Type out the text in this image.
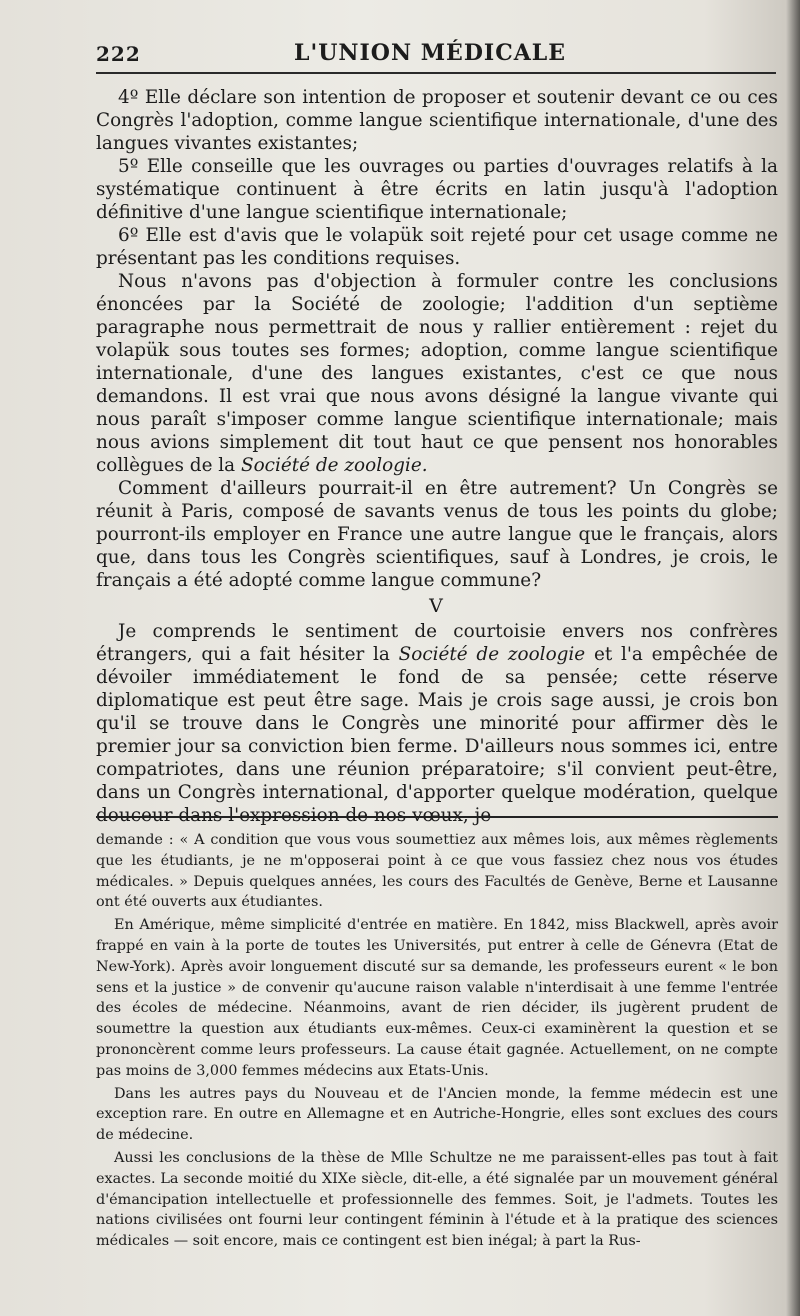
222	L'UNION MÉDICALE

4º Elle déclare son intention de proposer et soutenir devant ce ou ces Congrès l'adoption, comme langue scientifique internationale, d'une des langues vivantes existantes;

5º Elle conseille que les ouvrages ou parties d'ouvrages relatifs à la systématique continuent à être écrits en latin jusqu'à l'adoption définitive d'une langue scientifique internationale;

6º Elle est d'avis que le volapük soit rejeté pour cet usage comme ne présentant pas les conditions requises.

Nous n'avons pas d'objection à formuler contre les conclusions énoncées par la Société de zoologie; l'addition d'un septième paragraphe nous permettrait de nous y rallier entièrement : rejet du volapük sous toutes ses formes; adoption, comme langue scientifique internationale, d'une des langues existantes, c'est ce que nous demandons. Il est vrai que nous avons désigné la langue vivante qui nous paraît s'imposer comme langue scientifique internationale; mais nous avions simplement dit tout haut ce que pensent nos honorables collègues de la Société de zoologie.

Comment d'ailleurs pourrait-il en être autrement? Un Congrès se réunit à Paris, composé de savants venus de tous les points du globe; pourront-ils employer en France une autre langue que le français, alors que, dans tous les Congrès scientifiques, sauf à Londres, je crois, le français a été adopté comme langue commune?

V

Je comprends le sentiment de courtoisie envers nos confrères étrangers, qui a fait hésiter la Société de zoologie et l'a empêchée de dévoiler immédiatement le fond de sa pensée; cette réserve diplomatique est peut être sage. Mais je crois sage aussi, je crois bon qu'il se trouve dans le Congrès une minorité pour affirmer dès le premier jour sa conviction bien ferme. D'ailleurs nous sommes ici, entre compatriotes, dans une réunion préparatoire; s'il convient peut-être, dans un Congrès international, d'apporter quelque modération, quelque douceur dans l'expression de nos vœux, je

demande : « A condition que vous vous soumettiez aux mêmes lois, aux mêmes règlements que les étudiants, je ne m'opposerai point à ce que vous fassiez chez nous vos études médicales. » Depuis quelques années, les cours des Facultés de Genève, Berne et Lausanne ont été ouverts aux étudiantes.

En Amérique, même simplicité d'entrée en matière. En 1842, miss Blackwell, après avoir frappé en vain à la porte de toutes les Universités, put entrer à celle de Génevra (Etat de New-York). Après avoir longuement discuté sur sa demande, les professeurs eurent « le bon sens et la justice » de convenir qu'aucune raison valable n'interdisait à une femme l'entrée des écoles de médecine. Néanmoins, avant de rien décider, ils jugèrent prudent de soumettre la question aux étudiants eux-mêmes. Ceux-ci examinèrent la question et se prononcèrent comme leurs professeurs. La cause était gagnée. Actuellement, on ne compte pas moins de 3,000 femmes médecins aux Etats-Unis.

Dans les autres pays du Nouveau et de l'Ancien monde, la femme médecin est une exception rare. En outre en Allemagne et en Autriche-Hongrie, elles sont exclues des cours de médecine.

Aussi les conclusions de la thèse de Mlle Schultze ne me paraissent-elles pas tout à fait exactes. La seconde moitié du XIXe siècle, dit-elle, a été signalée par un mouvement général d'émancipation intellectuelle et professionnelle des femmes. Soit, je l'admets. Toutes les nations civilisées ont fourni leur contingent féminin à l'étude et à la pratique des sciences médicales — soit encore, mais ce contingent est bien inégal; à part la Rus-
